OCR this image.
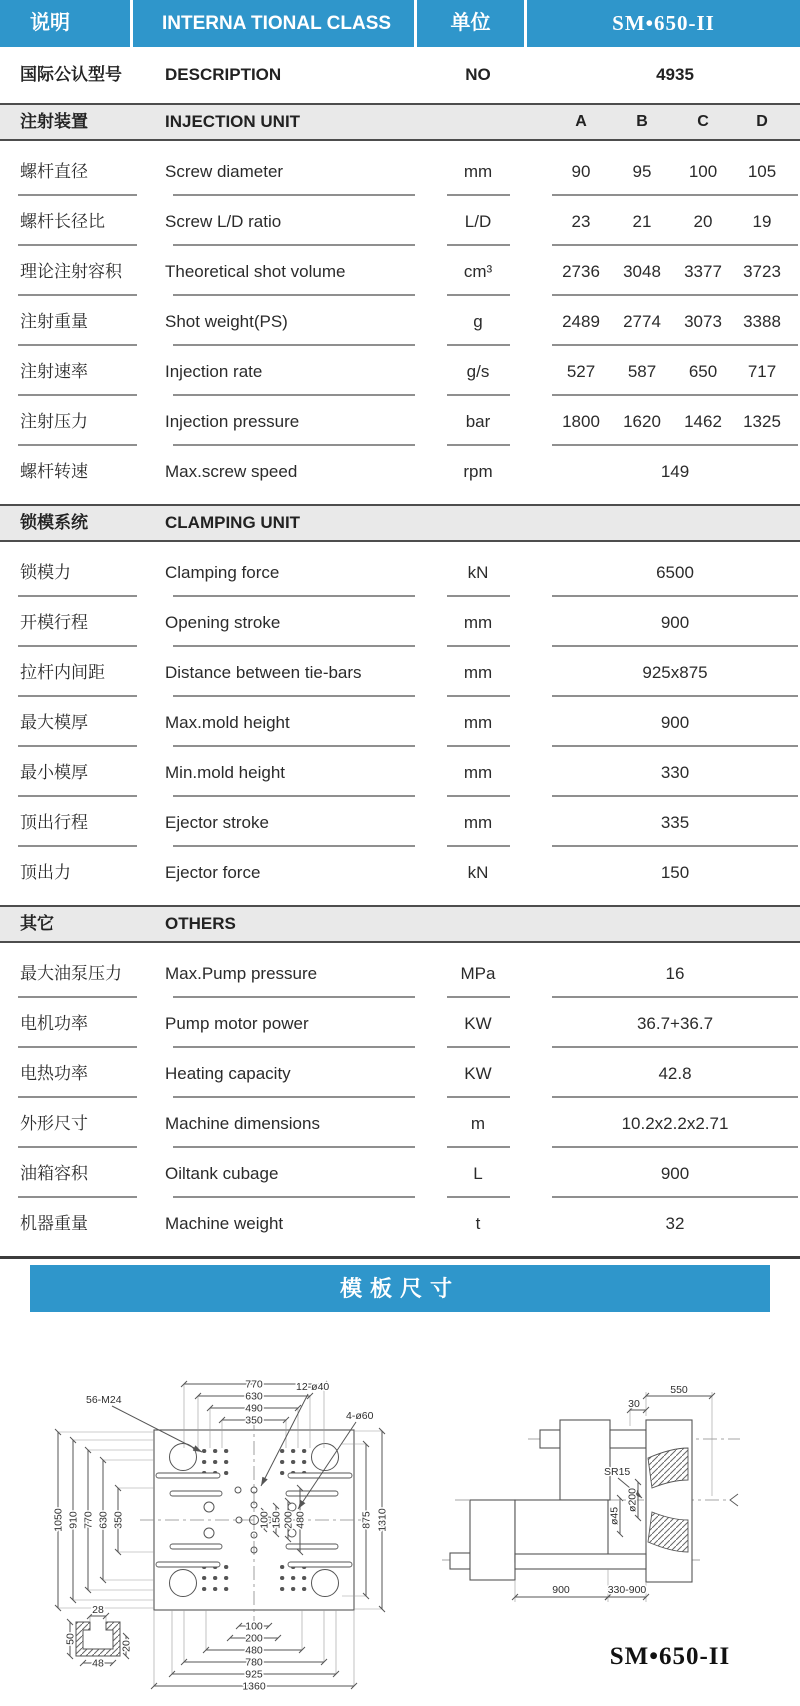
说明	INTERNA TIONAL CLASS	单位	SM•650-II
国际公认型号	DESCRIPTION	NO	4935
注射装置	INJECTION UNIT	A	B	C	D
螺杆直径	Screw diameter	mm	90	95	100	105
螺杆长径比	Screw L/D ratio	L/D	23	21	20	19
理论注射容积	Theoretical shot volume	cm³	2736	3048	3377	3723
注射重量	Shot weight(PS)	g	2489	2774	3073	3388
注射速率	Injection rate	g/s	527	587	650	717
注射压力	Injection pressure	bar	1800	1620	1462	1325
螺杆转速	Max.screw speed	rpm	149
锁模系统	CLAMPING UNIT
锁模力	Clamping force	kN	6500
开模行程	Opening stroke	mm	900
拉杆内间距	Distance between tie-bars	mm	925x875
最大模厚	Max.mold height	mm	900
最小模厚	Min.mold height	mm	330
顶出行程	Ejector stroke	mm	335
顶出力	Ejector force	kN	150
其它	OTHERS
最大油泵压力	Max.Pump pressure	MPa	16
电机功率	Pump motor power	KW	36.7+36.7
电热功率	Heating capacity	KW	42.8
外形尺寸	Machine dimensions	m	10.2x2.2x2.71
油箱容积	Oiltank cubage	L	900
机器重量	Machine weight	t	32
模板尺寸
770
630
490
350
56-M24
12-ø40
4-ø60
1050 910 770 630 350	100 150 200 480	875 1310
100
200
480
780
925
1360
28
50
48
20
550
30
SR15
ø200
ø45
900	330-900
SM•650-II
